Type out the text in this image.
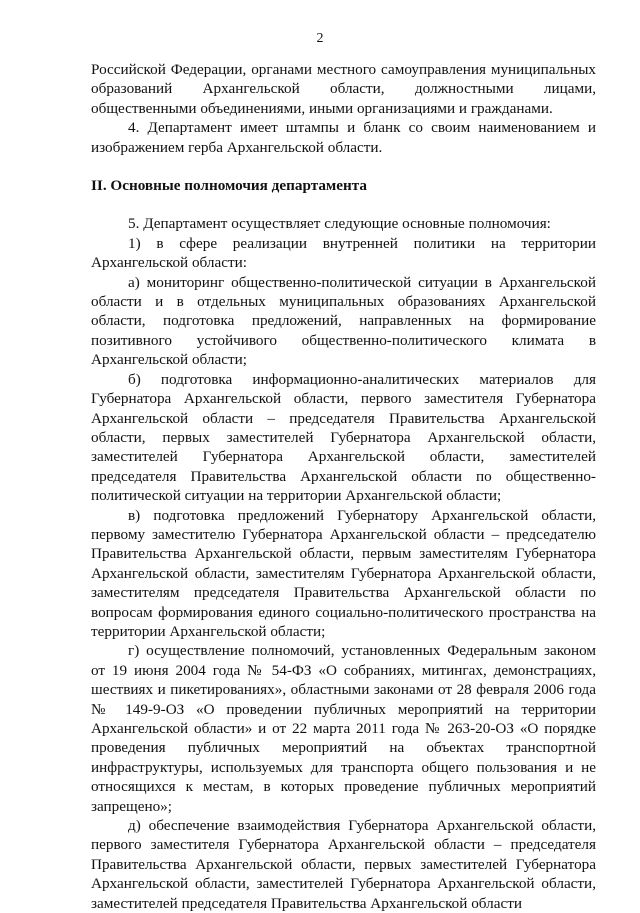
2

Российской Федерации, органами местного самоуправления муниципальных образований Архангельской области, должностными лицами, общественными объединениями, иными организациями и гражданами.

4. Департамент имеет штампы и бланк со своим наименованием и изображением герба Архангельской области.

II. Основные полномочия департамента

5. Департамент осуществляет следующие основные полномочия:

1) в сфере реализации внутренней политики на территории Архангельской области:

а) мониторинг общественно-политической ситуации в Архангельской области и в отдельных муниципальных образованиях Архангельской области, подготовка предложений, направленных на формирование позитивного устойчивого общественно-политического климата в Архангельской области;

б) подготовка информационно-аналитических материалов для Губернатора Архангельской области, первого заместителя Губернатора Архангельской области – председателя Правительства Архангельской области, первых заместителей Губернатора Архангельской области, заместителей Губернатора Архангельской области, заместителей председателя Правительства Архангельской области по общественно-политической ситуации на территории Архангельской области;

в) подготовка предложений Губернатору Архангельской области, первому заместителю Губернатора Архангельской области – председателю Правительства Архангельской области, первым заместителям Губернатора Архангельской области, заместителям Губернатора Архангельской области, заместителям председателя Правительства Архангельской области по вопросам формирования единого социально-политического пространства на территории Архангельской области;

г) осуществление полномочий, установленных Федеральным законом от 19 июня 2004 года № 54-ФЗ «О собраниях, митингах, демонстрациях, шествиях и пикетированиях», областными законами от 28 февраля 2006 года № 149-9-ОЗ «О проведении публичных мероприятий на территории Архангельской области» и от 22 марта 2011 года № 263-20-ОЗ «О порядке проведения публичных мероприятий на объектах транспортной инфраструктуры, используемых для транспорта общего пользования и не относящихся к местам, в которых проведение публичных мероприятий запрещено»;

д) обеспечение взаимодействия Губернатора Архангельской области, первого заместителя Губернатора Архангельской области – председателя Правительства Архангельской области, первых заместителей Губернатора Архангельской области, заместителей Губернатора Архангельской области, заместителей председателя Правительства Архангельской области
